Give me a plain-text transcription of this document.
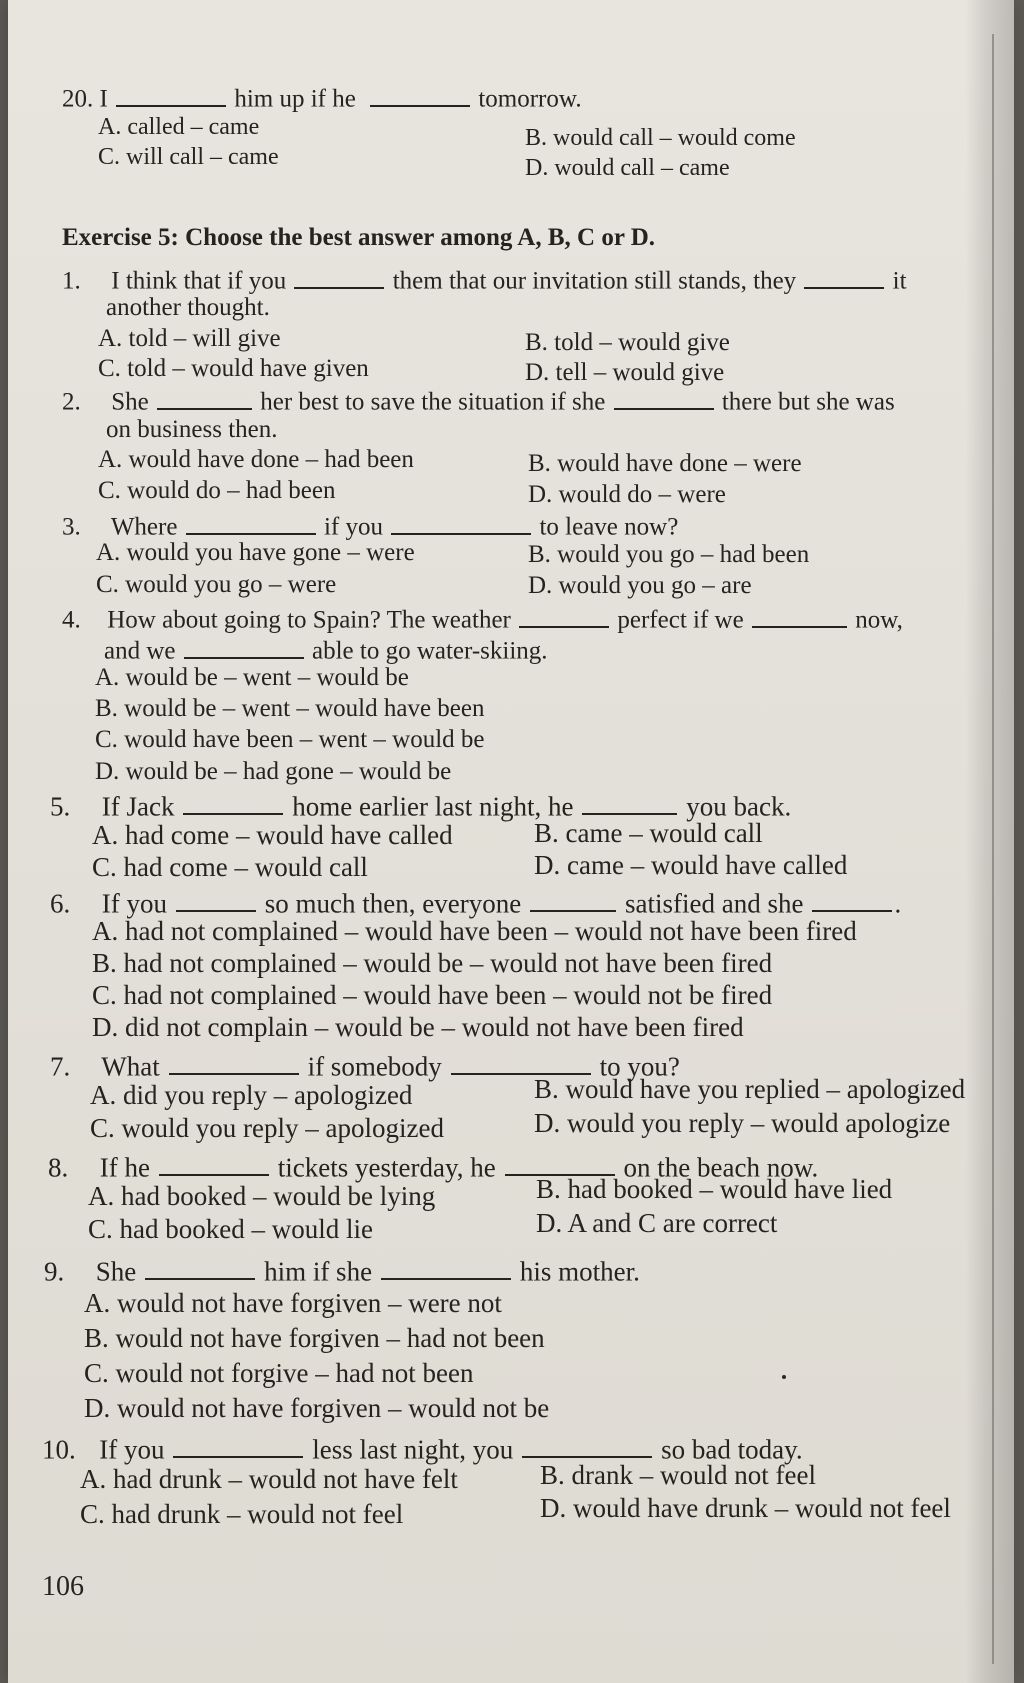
20. I	him up if he	tomorrow.
A. called – came	B. would call – would come
C. will call – came	D. would call – came
Exercise 5: Choose the best answer among A, B, C or D.
1. I think that if you	them that our invitation still stands, they	it
another thought.
A. told – will give	B. told – would give
C. told – would have given	D. tell – would give
2. She	her best to save the situation if she	there but she was
on business then.
A. would have done – had been	B. would have done – were
C. would do – had been	D. would do – were
3. Where	if you	to leave now?
A. would you have gone – were	B. would you go – had been
C. would you go – were	D. would you go – are
4. How about going to Spain? The weather	perfect if we	now,
and we	able to go water-skiing.
A. would be – went – would be
B. would be – went – would have been
C. would have been – went – would be
D. would be – had gone – would be
5. If Jack	home earlier last night, he	you back.
A. had come – would have called	B. came – would call
C. had come – would call	D. came – would have called
6. If you	so much then, everyone	satisfied and she	.
A. had not complained – would have been – would not have been fired
B. had not complained – would be – would not have been fired
C. had not complained – would have been – would not be fired
D. did not complain – would be – would not have been fired
7. What	if somebody	to you?
A. did you reply – apologized	B. would have you replied – apologized
C. would you reply – apologized	D. would you reply – would apologize
8. If he	tickets yesterday, he	on the beach now.
A. had booked – would be lying	B. had booked – would have lied
C. had booked – would lie	D. A and C are correct
9. She	him if she	his mother.
A. would not have forgiven – were not
B. would not have forgiven – had not been
C. would not forgive – had not been
D. would not have forgiven – would not be
10. If you	less last night, you	so bad today.
A. had drunk – would not have felt	B. drank – would not feel
C. had drunk – would not feel	D. would have drunk – would not feel
106
